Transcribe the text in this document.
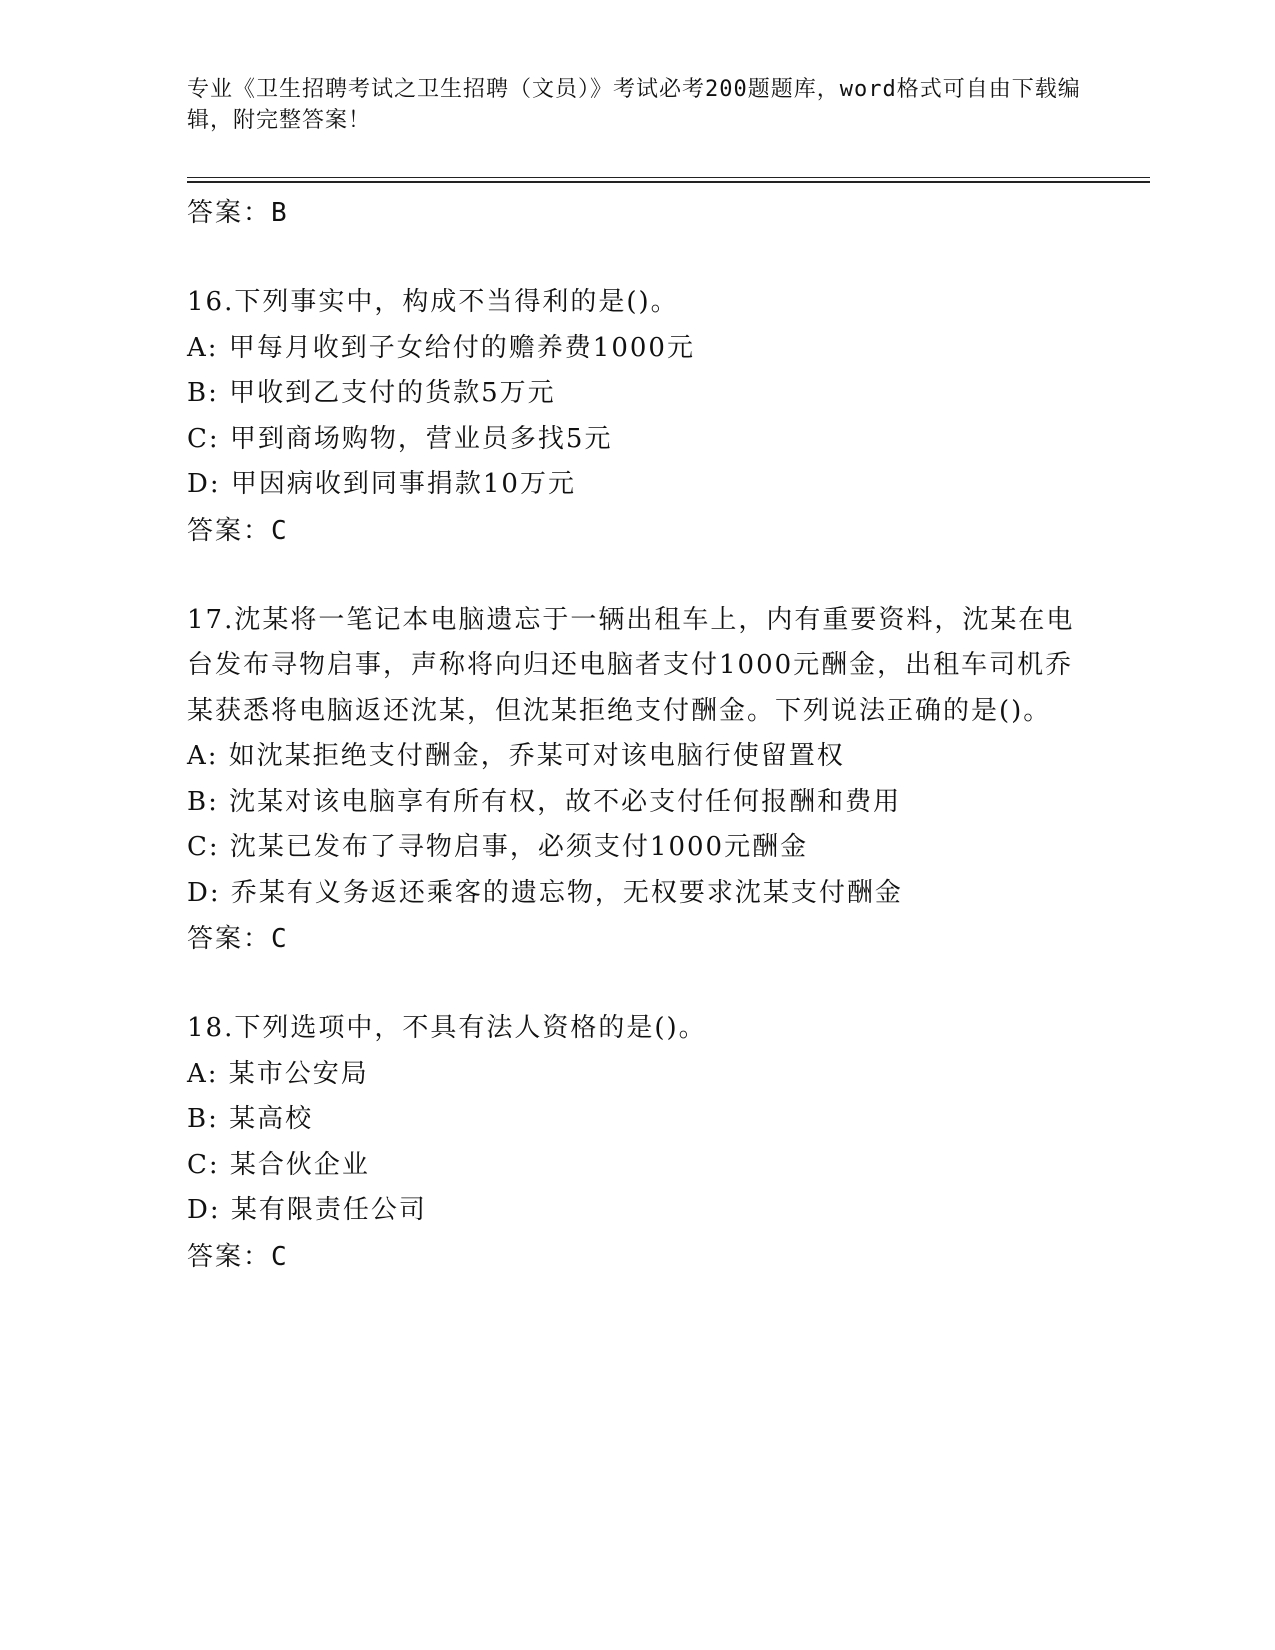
专业《卫生招聘考试之卫生招聘（文员）》考试必考200题题库，word格式可自由下载编辑，附完整答案！
答案：B
16.下列事实中，构成不当得利的是()。
A: 甲每月收到子女给付的赡养费1000元
B: 甲收到乙支付的货款5万元
C: 甲到商场购物，营业员多找5元
D: 甲因病收到同事捐款10万元
答案：C
17.沈某将一笔记本电脑遗忘于一辆出租车上，内有重要资料，沈某在电台发布寻物启事，声称将向归还电脑者支付1000元酬金，出租车司机乔某获悉将电脑返还沈某，但沈某拒绝支付酬金。下列说法正确的是()。
A: 如沈某拒绝支付酬金，乔某可对该电脑行使留置权
B: 沈某对该电脑享有所有权，故不必支付任何报酬和费用
C: 沈某已发布了寻物启事，必须支付1000元酬金
D: 乔某有义务返还乘客的遗忘物，无权要求沈某支付酬金
答案：C
18.下列选项中，不具有法人资格的是()。
A: 某市公安局
B: 某高校
C: 某合伙企业
D: 某有限责任公司
答案：C
